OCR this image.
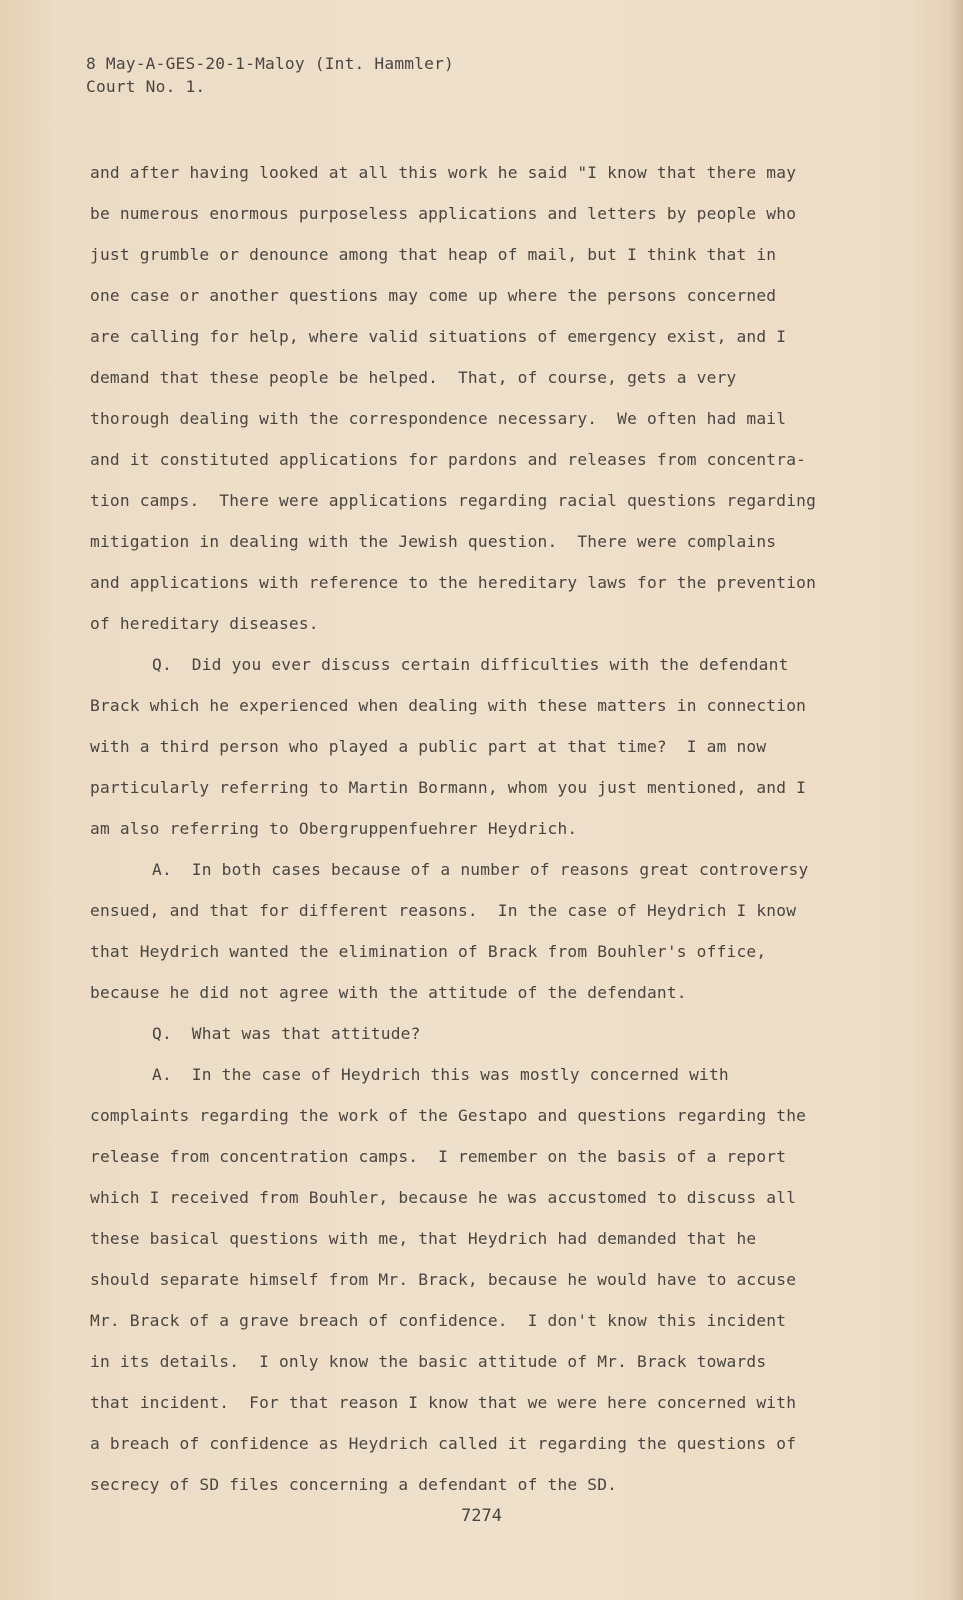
8 May-A-GES-20-1-Maloy (Int. Hammler)
Court No. 1.
and after having looked at all this work he said "I know that there may
be numerous enormous purposeless applications and letters by people who
just grumble or denounce among that heap of mail, but I think that in
one case or another questions may come up where the persons concerned
are calling for help, where valid situations of emergency exist, and I
demand that these people be helped.  That, of course, gets a very
thorough dealing with the correspondence necessary.  We often had mail
and it constituted applications for pardons and releases from concentra-
tion camps.  There were applications regarding racial questions regarding
mitigation in dealing with the Jewish question.  There were complains
and applications with reference to the hereditary laws for the prevention
of hereditary diseases.
Q.  Did you ever discuss certain difficulties with the defendant
Brack which he experienced when dealing with these matters in connection
with a third person who played a public part at that time?  I am now
particularly referring to Martin Bormann, whom you just mentioned, and I
am also referring to Obergruppenfuehrer Heydrich.
A.  In both cases because of a number of reasons great controversy
ensued, and that for different reasons.  In the case of Heydrich I know
that Heydrich wanted the elimination of Brack from Bouhler's office,
because he did not agree with the attitude of the defendant.
Q.  What was that attitude?
A.  In the case of Heydrich this was mostly concerned with
complaints regarding the work of the Gestapo and questions regarding the
release from concentration camps.  I remember on the basis of a report
which I received from Bouhler, because he was accustomed to discuss all
these basical questions with me, that Heydrich had demanded that he
should separate himself from Mr. Brack, because he would have to accuse
Mr. Brack of a grave breach of confidence.  I don't know this incident
in its details.  I only know the basic attitude of Mr. Brack towards
that incident.  For that reason I know that we were here concerned with
a breach of confidence as Heydrich called it regarding the questions of
secrecy of SD files concerning a defendant of the SD.
7274
